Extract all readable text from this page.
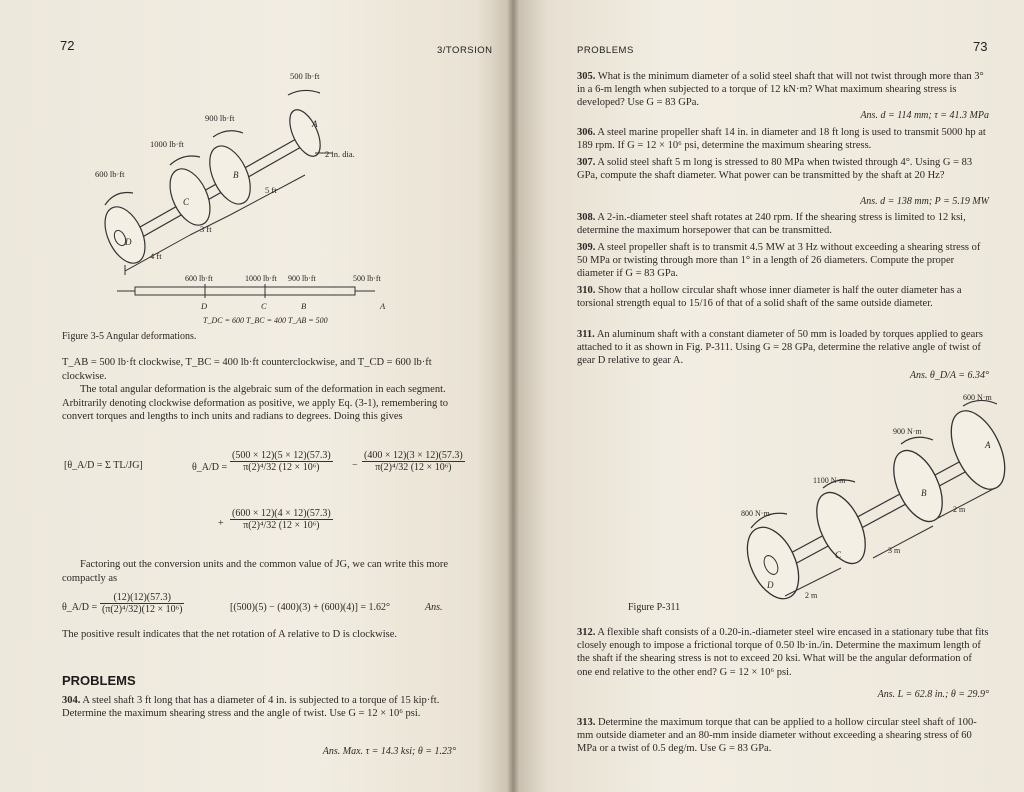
72	3/TORSION
500 lb·ft
900 lb·ft
1000 lb·ft
600 lb·ft
2 in. dia.
5 ft
3 ft
4 ft
A
B
C
D
600 lb·ft	1000 lb·ft 900 lb·ft	500 lb·ft
D	C	B	A
T_DC = 600 T_BC = 400 T_AB = 500
Figure 3-5 Angular deformations.
T_AB = 500 lb·ft clockwise, T_BC = 400 lb·ft counterclockwise, and T_CD = 600 lb·ft clockwise.
The total angular deformation is the algebraic sum of the deformation in each segment. Arbitrarily denoting clockwise deformation as positive, we apply Eq. (3-1), remembering to convert torques and lengths to inch units and radians to degrees. Doing this gives
[θ_A/D = Σ TL/JG]	θ_A/D = $\frac{(500 \times 12)(5 \times 12)(57.3)}{\text{π(2)⁴/32 (12 × 10⁶)}} - \frac{(400 \times 12)(3 \times 12)(57.3)}{\text{π(2)⁴/32 (12 × 10⁶)}}$
+ $\frac{(600 \times 12)(4 \times 12)(57.3)}{\text{π(2)⁴/32 (12 × 10⁶)}}$
Factoring out the conversion units and the common value of JG, we can write this more compactly as
θ_A/D = $\frac{(12)(12)(57.3)}{\text{(π(2)⁴/32)(12 × 10⁶)}}$	[(500)(5) − (400)(3) + (600)(4)] = 1.62°	Ans.
The positive result indicates that the net rotation of A relative to D is clockwise.
PROBLEMS
304. A steel shaft 3 ft long that has a diameter of 4 in. is subjected to a torque of 15 kip·ft. Determine the maximum shearing stress and the angle of twist. Use G = 12 × 10⁶ psi.
Ans. Max. τ = 14.3 ksi; θ = 1.23°
PROBLEMS	73
305. What is the minimum diameter of a solid steel shaft that will not twist through more than 3° in a 6-m length when subjected to a torque of 12 kN·m? What maximum shearing stress is developed? Use G = 83 GPa.
Ans. d = 114 mm; τ = 41.3 MPa
306. A steel marine propeller shaft 14 in. in diameter and 18 ft long is used to transmit 5000 hp at 189 rpm. If G = 12 × 10⁶ psi, determine the maximum shearing stress.
307. A solid steel shaft 5 m long is stressed to 80 MPa when twisted through 4°. Using G = 83 GPa, compute the shaft diameter. What power can be transmitted by the shaft at 20 Hz?
Ans. d = 138 mm; P = 5.19 MW
308. A 2-in.-diameter steel shaft rotates at 240 rpm. If the shearing stress is limited to 12 ksi, determine the maximum horsepower that can be transmitted.
309. A steel propeller shaft is to transmit 4.5 MW at 3 Hz without exceeding a shearing stress of 50 MPa or twisting through more than 1° in a length of 26 diameters. Compute the proper diameter if G = 83 GPa.
310. Show that a hollow circular shaft whose inner diameter is half the outer diameter has a torsional strength equal to 15/16 of that of a solid shaft of the same outside diameter.
311. An aluminum shaft with a constant diameter of 50 mm is loaded by torques applied to gears attached to it as shown in Fig. P-311. Using G = 28 GPa, determine the relative angle of twist of gear D relative to gear A.
Ans. θ_D/A = 6.34°
600 N·m
900 N·m
1100 N·m
800 N·m
2 m
3 m
2 m
A
B
C
D
Figure P-311
312. A flexible shaft consists of a 0.20-in.-diameter steel wire encased in a stationary tube that fits closely enough to impose a frictional torque of 0.50 lb·in./in. Determine the maximum length of the shaft if the shearing stress is not to exceed 20 ksi. What will be the angular deformation of one end relative to the other end? G = 12 × 10⁶ psi.
Ans. L = 62.8 in.; θ = 29.9°
313. Determine the maximum torque that can be applied to a hollow circular steel shaft of 100-mm outside diameter and an 80-mm inside diameter without exceeding a shearing stress of 60 MPa or a twist of 0.5 deg/m. Use G = 83 GPa.
